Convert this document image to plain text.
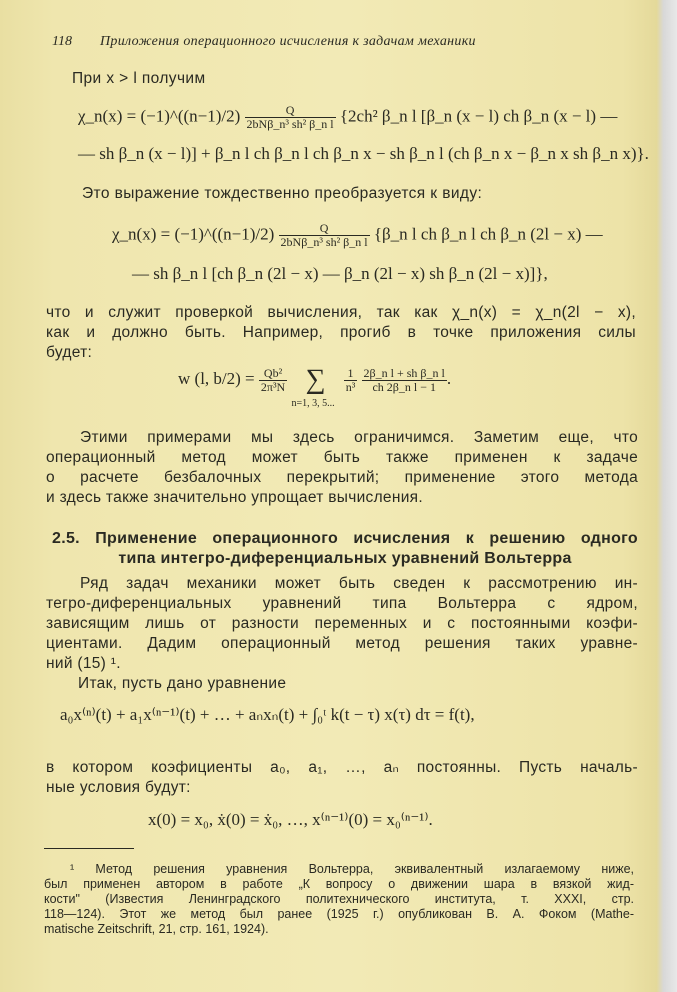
118 Приложения операционного исчисления к задачам механики
При x > l получим
χ_n(x) = (−1)^((n−1)/2) $\frac{Q}{\text{2bNβ\_n³ sh² β\_n l}} \{2ch^2$ β_n l [β_n (x − l) ch β_n (x − l) —
— sh β_n (x − l)] + β_n l ch β_n l ch β_n x − sh β_n l (ch β_n x − β_n x sh β_n x)}.
Это выражение тождественно преобразуется к виду:
χ_n(x) = (−1)^((n−1)/2) $\frac{Q}{\text{2bNβ\_n³ sh² β\_n l}}$ {β_n l ch β_n l ch β_n (2l − x) —
— sh β_n l [ch β_n (2l − x) — β_n (2l − x) sh β_n (2l − x)]},
что и служит проверкой вычисления, так как χ_n(x) = χ_n(2l − x),
как и должно быть. Например, прогиб в точке приложения силы
будет:
w (l, $b/2) = \frac{\text{Qb²}}{\text{2π³N}}$ ∑
n=1, 3, 5...

$\frac{1}{\text{n³}}$
$\frac{\text{2β\_n l + sh β\_n l}}{\text{ch 2β\_n l − 1}}$ .
Этими примерами мы здесь ограничимся. Заметим еще, что
операционный метод может быть также применен к задаче
о расчете безбалочных перекрытий; применение этого метода
и здесь также значительно упрощает вычисления.
2.5. Применение операционного исчисления к решению одного
типа интегро-диференциальных уравнений Вольтерра
Ряд задач механики может быть сведен к рассмотрению ин-
тегро-диференциальных уравнений типа Вольтерра с ядром,
зависящим лишь от разности переменных и с постоянными коэфи-
циентами. Дадим операционный метод решения таких уравне-
ний (15) ¹.
Итак, пусть дано уравнение
a₀x⁽ⁿ⁾(t) + a₁x⁽ⁿ⁻¹⁾(t) + … + aₙxₙ(t) + ∫₀ᵗ k(t − τ) x(τ) dτ = f(t),
в котором коэфициенты a₀, a₁, …, aₙ постоянны. Пусть началь-
ные условия будут:
x(0) = x₀, ẋ(0) = ẋ₀, …, x⁽ⁿ⁻¹⁾(0) = x₀⁽ⁿ⁻¹⁾.
¹ Метод решения уравнения Вольтерра, эквивалентный излагаемому ниже,
был применен автором в работе „К вопросу о движении шара в вязкой жид-
кости" (Известия Ленинградского политехнического института, т. XXXI, стр.
118—124). Этот же метод был ранее (1925 г.) опубликован В. А. Фоком (Mathe-
matische Zeitschrift, 21, стр. 161, 1924).
